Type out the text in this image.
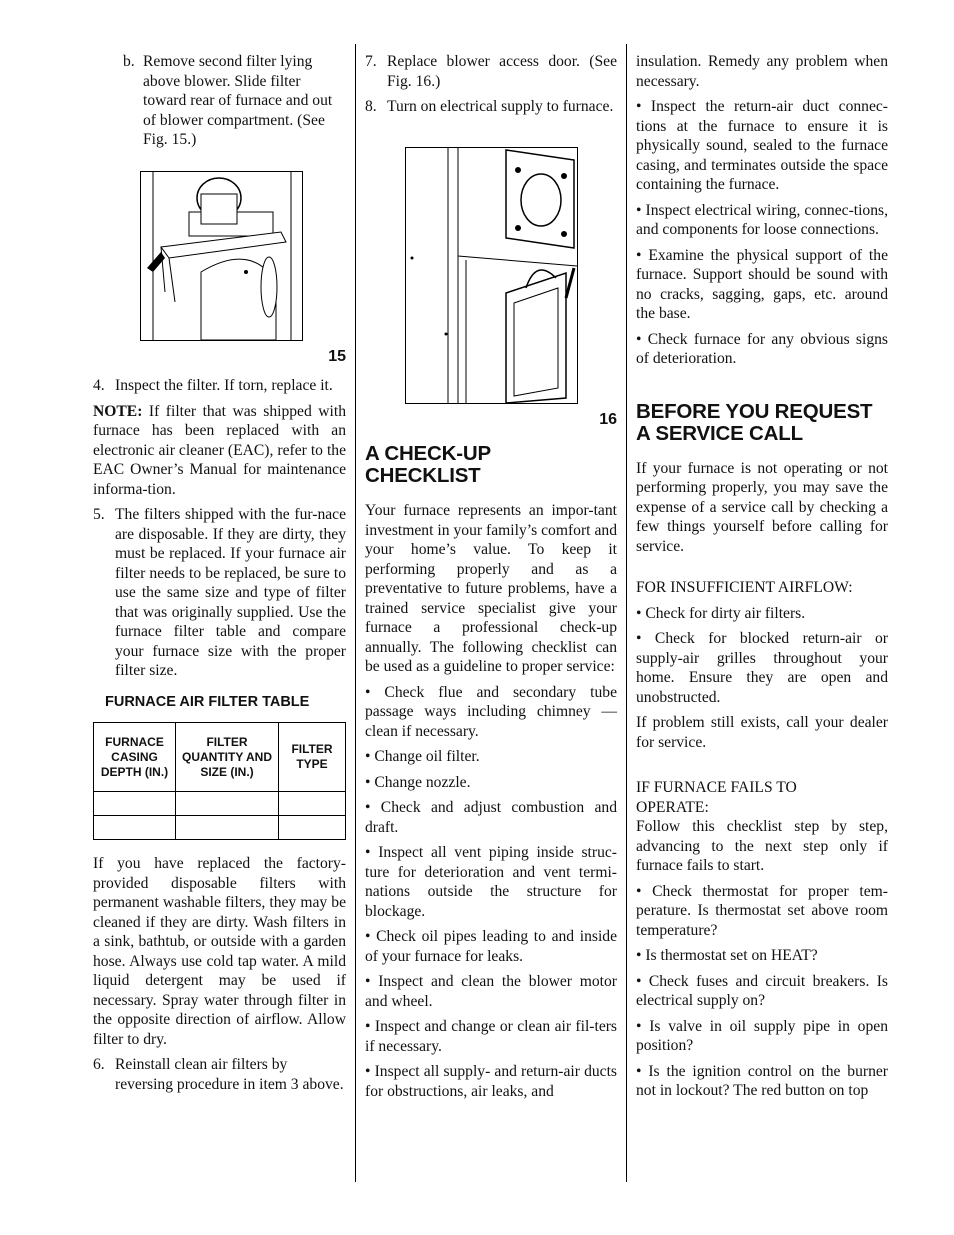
b. Remove second filter lying above blower. Slide filter toward rear of furnace and out of blower compartment. (See Fig. 15.)
15
4. Inspect the filter. If torn, replace it.

NOTE: If filter that was shipped with furnace has been replaced with an electronic air cleaner (EAC), refer to the EAC Owner’s Manual for maintenance informa-tion.

5. The filters shipped with the fur-nace are disposable. If they are dirty, they must be replaced. If your furnace air filter needs to be replaced, be sure to use the same size and type of filter that was originally supplied. Use the furnace filter table and compare your furnace size with the proper filter size.
FURNACE AIR FILTER TABLE
FURNACE CASING DEPTH (IN.)	FILTER QUANTITY AND SIZE (IN.)	FILTER TYPE

If you have replaced the factory-provided disposable filters with permanent washable filters, they may be cleaned if they are dirty. Wash filters in a sink, bathtub, or outside with a garden hose. Always use cold tap water. A mild liquid detergent may be used if necessary. Spray water through filter in the opposite direction of airflow. Allow filter to dry.

6. Reinstall clean air filters by reversing procedure in item 3 above.
7. Replace blower access door. (See Fig. 16.)
8. Turn on electrical supply to furnace.
16
A CHECK-UP CHECKLIST

Your furnace represents an impor-tant investment in your family’s comfort and your home’s value. To keep it performing properly and as a preventative to future problems, have a trained service specialist give your furnace a professional check-up annually. The following checklist can be used as a guideline to proper service:

• Check flue and secondary tube passage ways including chimney — clean if necessary.
• Change oil filter.
• Change nozzle.
• Check and adjust combustion and draft.
• Inspect all vent piping inside struc-ture for deterioration and vent termi-nations outside the structure for blockage.
• Check oil pipes leading to and inside of your furnace for leaks.
• Inspect and clean the blower motor and wheel.
• Inspect and change or clean air fil-ters if necessary.
• Inspect all supply- and return-air ducts for obstructions, air leaks, and

insulation. Remedy any problem when necessary.

• Inspect the return-air duct connec-tions at the furnace to ensure it is physically sound, sealed to the furnace casing, and terminates outside the space containing the furnace.
• Inspect electrical wiring, connec-tions, and components for loose connections.
• Examine the physical support of the furnace. Support should be sound with no cracks, sagging, gaps, etc. around the base.
• Check furnace for any obvious signs of deterioration.
BEFORE YOU REQUEST A SERVICE CALL

If your furnace is not operating or not performing properly, you may save the expense of a service call by checking a few things yourself before calling for service.

FOR INSUFFICIENT AIRFLOW:
• Check for dirty air filters.
• Check for blocked return-air or supply-air grilles throughout your home. Ensure they are open and unobstructed.

If problem still exists, call your dealer for service.

IF FURNACE FAILS TO OPERATE:

Follow this checklist step by step, advancing to the next step only if furnace fails to start.

• Check thermostat for proper tem-perature. Is thermostat set above room temperature?
• Is thermostat set on HEAT?
• Check fuses and circuit breakers. Is electrical supply on?
• Is valve in oil supply pipe in open position?
• Is the ignition control on the burner not in lockout? The red button on top
